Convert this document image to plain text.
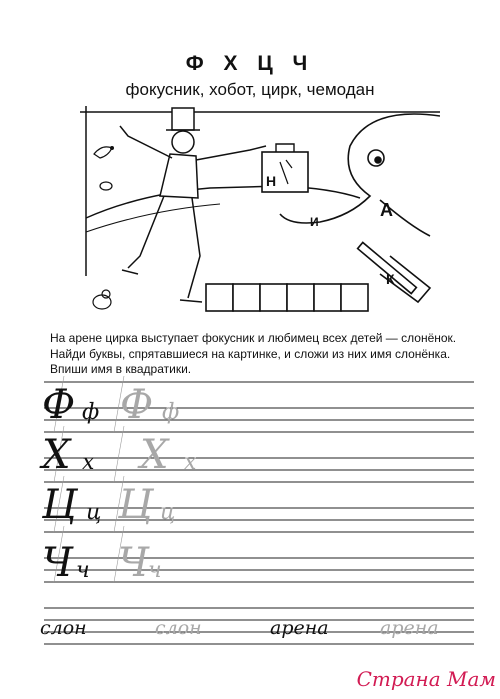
Ф Х Ц Ч
фокусник, хобот, цирк, чемодан
Н
И
А
К
На арене цирка выступает фокусник и любимец всех детей — слонёнок.
Найди буквы, спрятавшиеся на картинке, и сложи из них имя слонёнка.
Впиши имя в квадратики.
Ф ф Ф ф
Х х Х х
Ц ц Ц ц
Ч ч Ч ч
слон	слон	арена	арена
Страна Мам
